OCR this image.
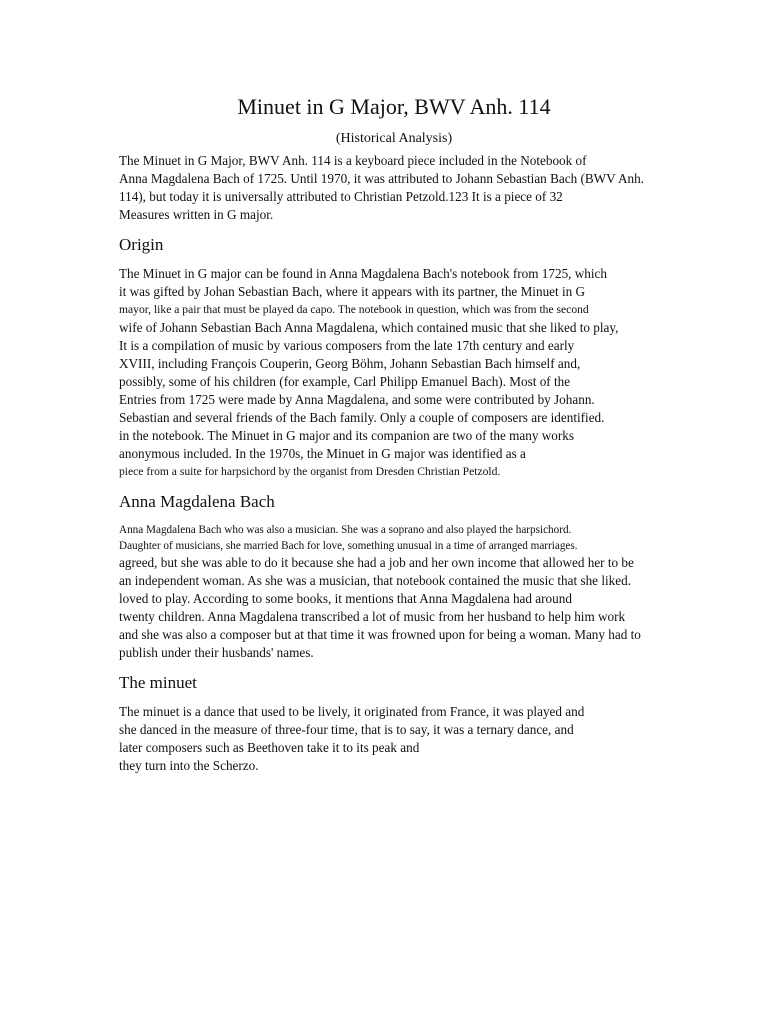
Minuet in G Major, BWV Anh. 114
(Historical Analysis)
The Minuet in G Major, BWV Anh. 114 is a keyboard piece included in the Notebook of
Anna Magdalena Bach of 1725. Until 1970, it was attributed to Johann Sebastian Bach (BWV Anh.
114), but today it is universally attributed to Christian Petzold.123 It is a piece of 32
Measures written in G major.
Origin
The Minuet in G major can be found in Anna Magdalena Bach's notebook from 1725, which
it was gifted by Johan Sebastian Bach, where it appears with its partner, the Minuet in G
mayor, like a pair that must be played da capo. The notebook in question, which was from the second
wife of Johann Sebastian Bach Anna Magdalena, which contained music that she liked to play,
It is a compilation of music by various composers from the late 17th century and early
XVIII, including François Couperin, Georg Böhm, Johann Sebastian Bach himself and,
possibly, some of his children (for example, Carl Philipp Emanuel Bach). Most of the
Entries from 1725 were made by Anna Magdalena, and some were contributed by Johann.
Sebastian and several friends of the Bach family. Only a couple of composers are identified.
in the notebook. The Minuet in G major and its companion are two of the many works
anonymous included. In the 1970s, the Minuet in G major was identified as a
piece from a suite for harpsichord by the organist from Dresden Christian Petzold.
Anna Magdalena Bach
Anna Magdalena Bach who was also a musician. She was a soprano and also played the harpsichord.
Daughter of musicians, she married Bach for love, something unusual in a time of arranged marriages.
agreed, but she was able to do it because she had a job and her own income that allowed her to be
an independent woman. As she was a musician, that notebook contained the music that she liked.
loved to play. According to some books, it mentions that Anna Magdalena had around
twenty children. Anna Magdalena transcribed a lot of music from her husband to help him work
and she was also a composer but at that time it was frowned upon for being a woman. Many had to
publish under their husbands' names.
The minuet
The minuet is a dance that used to be lively, it originated from France, it was played and
she danced in the measure of three-four time, that is to say, it was a ternary dance, and
later composers such as Beethoven take it to its peak and
they turn into the Scherzo.
